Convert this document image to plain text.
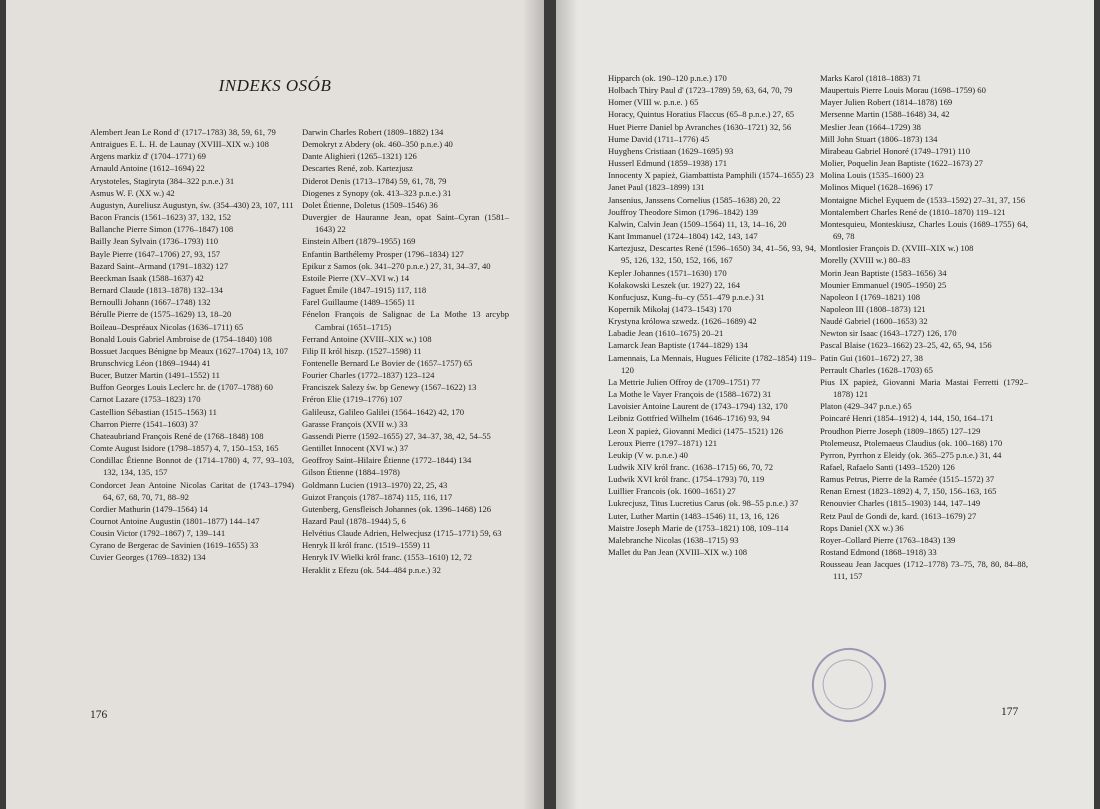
INDEKS OSÓB

Alembert Jean Le Rond d' (1717–1783) 38, 59, 61, 79

Antraigues E. L. H. de Launay (XVIII–XIX w.) 108

Argens markiz d' (1704–1771) 69

Arnauld Antoine (1612–1694) 22

Arystoteles, Stagiryta (384–322 p.n.e.) 31

Asmus W. F. (XX w.) 42

Augustyn, Aureliusz Augustyn, św. (354–430) 23, 107, 111

Bacon Francis (1561–1623) 37, 132, 152

Ballanche Pierre Simon (1776–1847) 108

Bailly Jean Sylvain (1736–1793) 110

Bayle Pierre (1647–1706) 27, 93, 157

Bazard Saint–Armand (1791–1832) 127

Beeckman Isaak (1588–1637) 42

Bernard Claude (1813–1878) 132–134

Bernoulli Johann (1667–1748) 132

Bérulle Pierre de (1575–1629) 13, 18–20

Boileau–Despréaux Nicolas (1636–1711) 65

Bonald Louis Gabriel Ambroise de (1754–1840) 108

Bossuet Jacques Bénigne bp Meaux (1627–1704) 13, 107

Brunschvicg Léon (1869–1944) 41

Bucer, Butzer Martin (1491–1552) 11

Buffon Georges Louis Leclerc hr. de (1707–1788) 60

Carnot Lazare (1753–1823) 170

Castellion Sébastian (1515–1563) 11

Charron Pierre (1541–1603) 37

Chateaubriand François René de (1768–1848) 108

Comte August Isidore (1798–1857) 4, 7, 150–153, 165

Condillac Étienne Bonnot de (1714–1780) 4, 77, 93–103, 132, 134, 135, 157

Condorcet Jean Antoine Nicolas Caritat de (1743–1794) 64, 67, 68, 70, 71, 88–92

Cordier Mathurin (1479–1564) 14

Cournot Antoine Augustin (1801–1877) 144–147

Cousin Victor (1792–1867) 7, 139–141

Cyrano de Bergerac de Savinien (1619–1655) 33

Cuvier Georges (1769–1832) 134

Darwin Charles Robert (1809–1882) 134

Demokryt z Abdery (ok. 460–350 p.n.e.) 40

Dante Alighieri (1265–1321) 126

Descartes René, zob. Kartezjusz

Diderot Denis (1713–1784) 59, 61, 78, 79

Diogenes z Synopy (ok. 413–323 p.n.e.) 31

Dolet Étienne, Doletus (1509–1546) 36

Duvergier de Hauranne Jean, opat Saint–Cyran (1581–1643) 22

Einstein Albert (1879–1955) 169

Enfantin Barthélemy Prosper (1796–1834) 127

Epikur z Samos (ok. 341–270 p.n.e.) 27, 31, 34–37, 40

Estoile Pierre (XV–XVI w.) 14

Faguet Émile (1847–1915) 117, 118

Farel Guillaume (1489–1565) 11

Fénelon François de Salignac de La Mothe 13 arcybp Cambrai (1651–1715)

Ferrand Antoine (XVIII–XIX w.) 108

Filip II król hiszp. (1527–1598) 11

Fontenelle Bernard Le Bovier de (1657–1757) 65

Fourier Charles (1772–1837) 123–124

Franciszek Salezy św. bp Genewy (1567–1622) 13

Fréron Elie (1719–1776) 107

Galileusz, Galileo Galilei (1564–1642) 42, 170

Garasse François (XVII w.) 33

Gassendi Pierre (1592–1655) 27, 34–37, 38, 42, 54–55

Gentillet Innocent (XVI w.) 37

Geoffroy Saint–Hilaire Étienne (1772–1844) 134

Gilson Étienne (1884–1978)

Goldmann Lucien (1913–1970) 22, 25, 43

Guizot François (1787–1874) 115, 116, 117

Gutenberg, Gensfleisch Johannes (ok. 1396–1468) 126

Hazard Paul (1878–1944) 5, 6

Helvétius Claude Adrien, Helwecjusz (1715–1771) 59, 63

Henryk II król franc. (1519–1559) 11

Henryk IV Wielki król franc. (1553–1610) 12, 72

Heraklit z Efezu (ok. 544–484 p.n.e.) 32

176

Hipparch (ok. 190–120 p.n.e.) 170

Holbach Thiry Paul d' (1723–1789) 59, 63, 64, 70, 79

Homer (VIII w. p.n.e. ) 65

Horacy, Quintus Horatius Flaccus (65–8 p.n.e.) 27, 65

Huet Pierre Daniel bp Avranches (1630–1721) 32, 56

Hume David (1711–1776) 45

Huyghens Cristiaan (1629–1695) 93

Husserl Edmund (1859–1938) 171

Innocenty X papież, Giambattista Pamphili (1574–1655) 23

Janet Paul (1823–1899) 131

Jansenius, Janssens Cornelius (1585–1638) 20, 22

Jouffroy Theodore Simon (1796–1842) 139

Kalwin, Calvin Jean (1509–1564) 11, 13, 14–16, 20

Kant Immanuel (1724–1804) 142, 143, 147

Kartezjusz, Descartes René (1596–1650) 34, 41–56, 93, 94, 95, 126, 132, 150, 152, 166, 167

Kepler Johannes (1571–1630) 170

Kołakowski Leszek (ur. 1927) 22, 164

Konfucjusz, Kung–fu–cy (551–479 p.n.e.) 31

Kopernik Mikołaj (1473–1543) 170

Krystyna królowa szwedz. (1626–1689) 42

Labadie Jean (1610–1675) 20–21

Lamarck Jean Baptiste (1744–1829) 134

Lamennais, La Mennais, Hugues Félicite (1782–1854) 119–120

La Mettrie Julien Offroy de (1709–1751) 77

La Mothe le Vayer François de (1588–1672) 31

Lavoisier Antoine Laurent de (1743–1794) 132, 170

Leibniz Gottfried Wilhelm (1646–1716) 93, 94

Leon X papież, Giovanni Medici (1475–1521) 126

Leroux Pierre (1797–1871) 121

Leukip (V w. p.n.e.) 40

Ludwik XIV król franc. (1638–1715) 66, 70, 72

Ludwik XVI król franc. (1754–1793) 70, 119

Luillier Francois (ok. 1600–1651) 27

Lukrecjusz, Titus Lucretius Carus (ok. 98–55 p.n.e.) 37

Luter, Luther Martin (1483–1546) 11, 13, 16, 126

Maistre Joseph Marie de (1753–1821) 108, 109–114

Malebranche Nicolas (1638–1715) 93

Mallet du Pan Jean (XVIII–XIX w.) 108

Marks Karol (1818–1883) 71

Maupertuis Pierre Louis Morau (1698–1759) 60

Mayer Julien Robert (1814–1878) 169

Mersenne Martin (1588–1648) 34, 42

Meslier Jean (1664–1729) 38

Mill John Stuart (1806–1873) 134

Mirabeau Gabriel Honoré (1749–1791) 110

Molier, Poquelin Jean Baptiste (1622–1673) 27

Molina Louis (1535–1600) 23

Molinos Miquel (1628–1696) 17

Montaigne Michel Eyquem de (1533–1592) 27–31, 37, 156

Montalembert Charles René de (1810–1870) 119–121

Montesquieu, Monteskiusz, Charles Louis (1689–1755) 64, 69, 78

Montlosier François D. (XVIII–XIX w.) 108

Morelly (XVIII w.) 80–83

Morin Jean Baptiste (1583–1656) 34

Mounier Emmanuel (1905–1950) 25

Napoleon I (1769–1821) 108

Napoleon III (1808–1873) 121

Naudé Gabriel (1600–1653) 32

Newton sir Isaac (1643–1727) 126, 170

Pascal Blaise (1623–1662) 23–25, 42, 65, 94, 156

Patin Gui (1601–1672) 27, 38

Perrault Charles (1628–1703) 65

Pius IX papież, Giovanni Maria Mastai Ferretti (1792–1878) 121

Platon (429–347 p.n.e.) 65

Poincaré Henri (1854–1912) 4, 144, 150, 164–171

Proudhon Pierre Joseph (1809–1865) 127–129

Ptolemeusz, Ptolemaeus Claudius (ok. 100–168) 170

Pyrron, Pyrrhon z Eleidy (ok. 365–275 p.n.e.) 31, 44

Rafael, Rafaelo Santi (1493–1520) 126

Ramus Petrus, Pierre de la Ramée (1515–1572) 37

Renan Ernest (1823–1892) 4, 7, 150, 156–163, 165

Renouvier Charles (1815–1903) 144, 147–149

Retz Paul de Gondi de, kard. (1613–1679) 27

Rops Daniel (XX w.) 36

Royer–Collard Pierre (1763–1843) 139

Rostand Edmond (1868–1918) 33

Rousseau Jean Jacques (1712–1778) 73–75, 78, 80, 84–88, 111, 157

177
